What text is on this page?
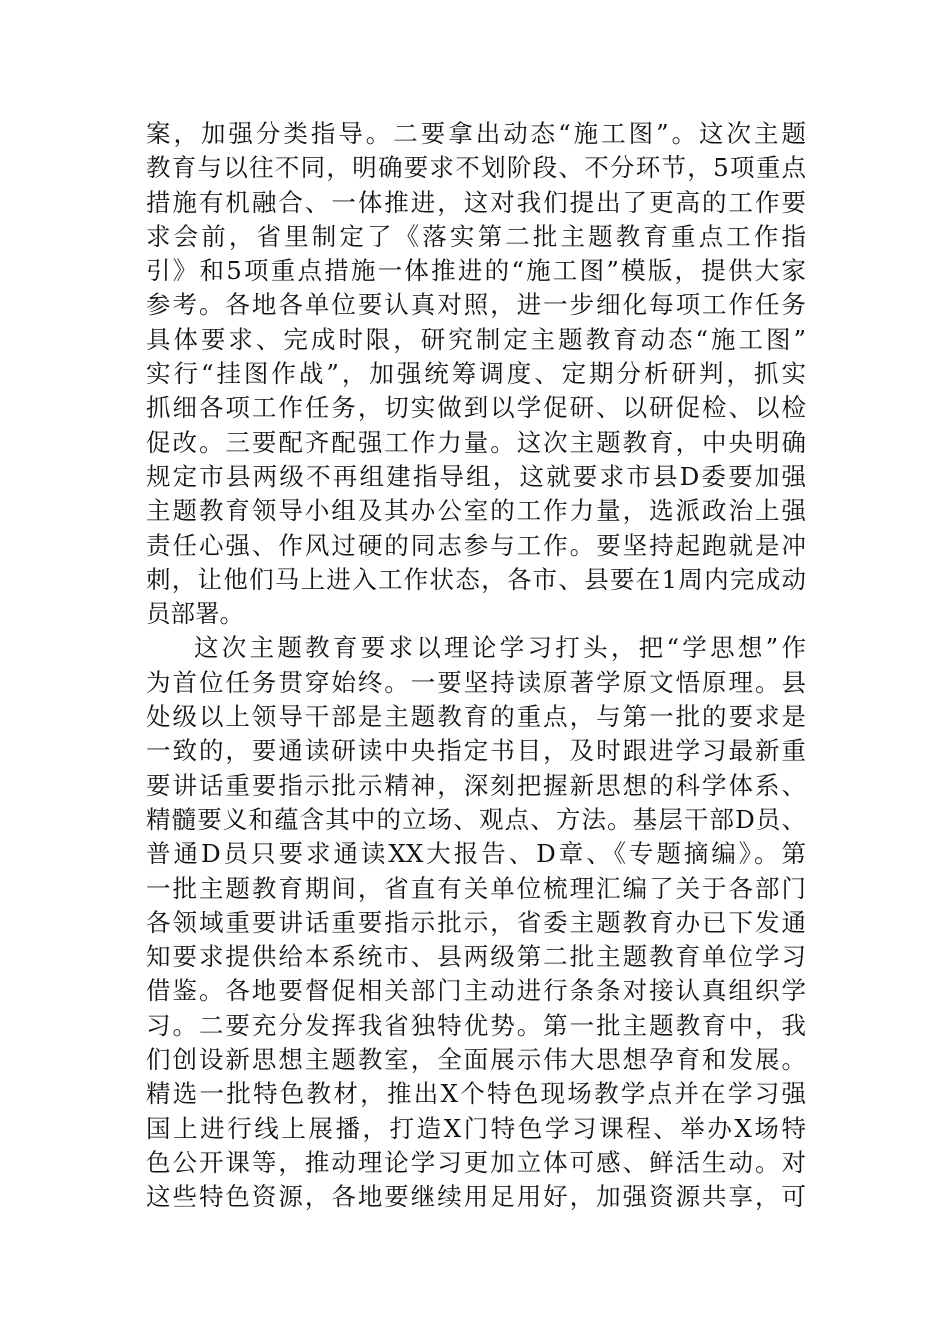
案，加强分类指导。二要拿出动态“施工图”。这次主题
教育与以往不同，明确要求不划阶段、不分环节，5项重点
措施有机融合、一体推进，这对我们提出了更高的工作要
求会前，省里制定了《落实第二批主题教育重点工作指
引》和5项重点措施一体推进的“施工图”模版，提供大家
参考。各地各单位要认真对照，进一步细化每项工作任务
具体要求、完成时限，研究制定主题教育动态“施工图”
实行“挂图作战”，加强统筹调度、定期分析研判，抓实
抓细各项工作任务，切实做到以学促研、以研促检、以检
促改。三要配齐配强工作力量。这次主题教育，中央明确
规定市县两级不再组建指导组，这就要求市县D委要加强
主题教育领导小组及其办公室的工作力量，选派政治上强
责任心强、作风过硬的同志参与工作。要坚持起跑就是冲
刺，让他们马上进入工作状态，各市、县要在1周内完成动
员部署。
这次主题教育要求以理论学习打头，把“学思想”作
为首位任务贯穿始终。一要坚持读原著学原文悟原理。县
处级以上领导干部是主题教育的重点，与第一批的要求是
一致的，要通读研读中央指定书目，及时跟进学习最新重
要讲话重要指示批示精神，深刻把握新思想的科学体系、
精髓要义和蕴含其中的立场、观点、方法。基层干部D员、
普通D员只要求通读XX大报告、D章、《专题摘编》。第
一批主题教育期间，省直有关单位梳理汇编了关于各部门
各领域重要讲话重要指示批示，省委主题教育办已下发通
知要求提供给本系统市、县两级第二批主题教育单位学习
借鉴。各地要督促相关部门主动进行条条对接认真组织学
习。二要充分发挥我省独特优势。第一批主题教育中，我
们创设新思想主题教室，全面展示伟大思想孕育和发展。
精选一批特色教材，推出X个特色现场教学点并在学习强
国上进行线上展播，打造X门特色学习课程、举办X场特
色公开课等，推动理论学习更加立体可感、鲜活生动。对
这些特色资源，各地要继续用足用好，加强资源共享，可
